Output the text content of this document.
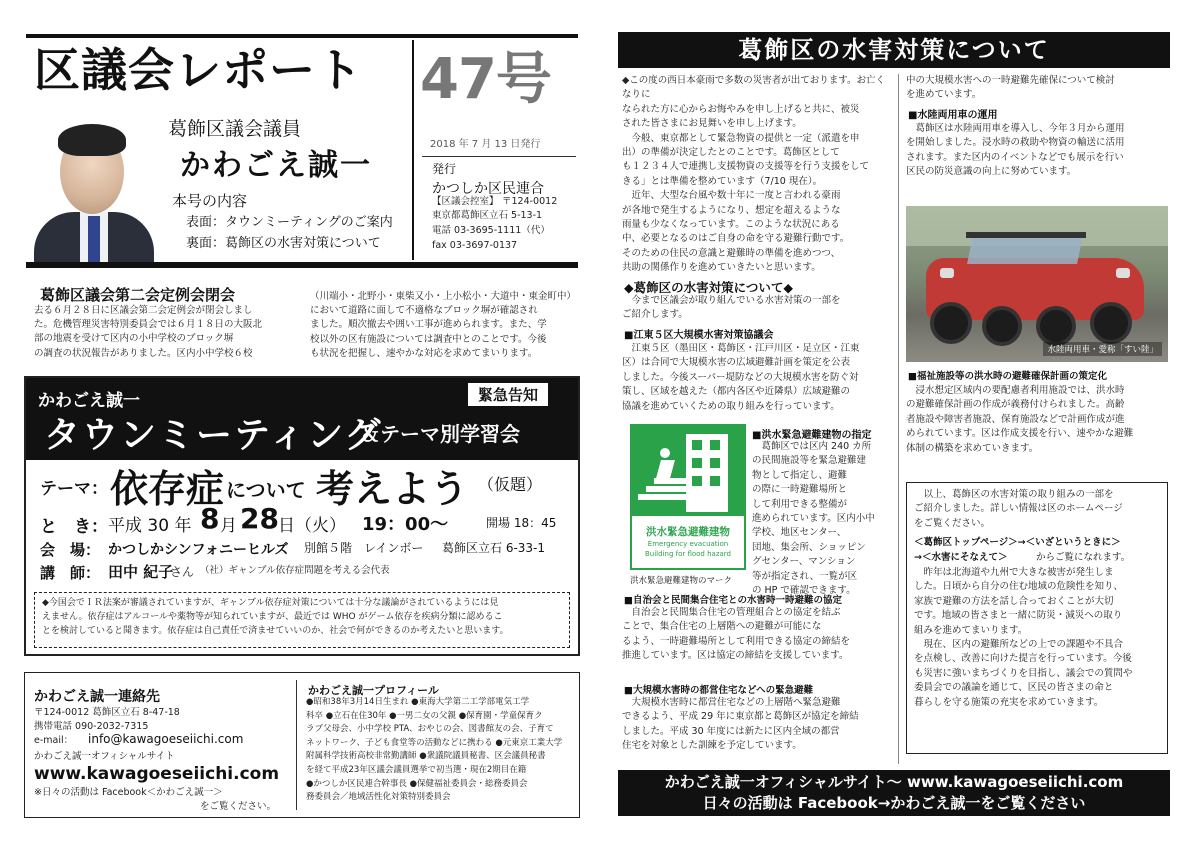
区議会レポート 47号
2018 年 7 月 13 日発行
発行
かつしか区民連合
【区議会控室】 〒124-0012
東京都葛飾区立石 5-13-1
電話 03-3695-1111（代）
fax 03-3697-0137
葛飾区議会議員
かわごえ誠一
本号の内容
表面：タウンミーティングのご案内
裏面：葛飾区の水害対策について
葛飾区議会第二会定例会閉会
去る６月２８日に区議会第二会定例会が閉会しまし
た。危機管理災害特別委員会では６月１８日の大阪北
部の地震を受けて区内の小中学校のブロック塀
の調査の状況報告がありました。区内小中学校６校
（川端小・北野小・東柴又小・上小松小・大道中・東金町中）
において道路に面して不適格なブロック塀が確認され
ました。順次撤去や囲い工事が進められます。また、学
校以外の区有施設については調査中とのことです。今後
も状況を把握し、速やかな対応を求めてまいります。
かわごえ誠一	緊急告知
タウンミーティング
＆テーマ別学習会
テーマ： 依存症 について 考えよう （仮題）
と　き： 平成 30 年 8 月 28 日（火） 19：00〜	開場 18：45
会　場： かつしかシンフォニーヒルズ 別館５階　レインボー 葛飾区立石 6-33-1
講　師： 田中 紀子
さん （社）ギャンブル依存症問題を考える会代表
◆今国会でＩＲ法案が審議されていますが、ギャンブル依存症対策については十分な議論がされているようには見
えません。依存症はアルコールや薬物等が知られていますが、最近では WHO がゲーム依存を疾病分類に認めるこ
とを検討していると聞きます。依存症は自己責任で済ませていいのか、社会で何ができるのか考えたいと思います。
かわごえ誠一連絡先
〒124-0012 葛飾区立石 8-47-18
携帯電話 090-2032-7315
e-mail： info@kawagoeseiichi.com
かわごえ誠一オフィシャルサイト
www.kawagoeseiichi.com
※日々の活動は Facebook＜かわごえ誠一＞
をご覧ください。
かわごえ誠一プロフィール
●昭和38年3月14日生まれ ●東海大学第二工学部電気工学
科卒 ●立石在住30年 ●一男二女の父親 ●保育園・学童保育ク
ラブ父母会、小中学校 PTA、おやじの会、図書館友の会、子育て
ネットワーク、子ども食堂等の活動などに携わる ●元東京工業大学
附属科学技術高校非常勤講師 ●衆議院議員秘書、区会議員秘書
を経て平成23年区議会議員選挙で初当選・現在2期目在籍
●かつしか区民連合幹事長 ●保健福祉委員会・総務委員会
務委員会／地域活性化対策特別委員会
葛飾区の水害対策について
◆この度の西日本豪雨で多数の災害者が出ております。お亡くなりに
なられた方に心からお悔やみを申し上げると共に、被災
された皆さまにお見舞いを申し上げます。
　今般、東京都として緊急物資の提供と一定（派遣を申
出）の準備が決定したとのことです。葛飾区として
も１２３４人で連携し支援物資の支援等を行う支援をして
きる」とは準備を整めています（7/10 現在）。
　近年、大型な台風や数十年に一度と言われる豪雨
が各地で発生するようになり、想定を超えるような
雨量も少なくなっています。このような状況にある
中、必要となるのはご自身の命を守る避難行動です。
そのための住民の意識と避難時の準備を進めつつ、
共助の関係作りを進めていきたいと思います。
◆葛飾区の水害対策について◆
　今まで区議会が取り組んでいる水害対策の一部を
ご紹介します。
■江東５区大規模水害対策協議会
　江東５区（墨田区・葛飾区・江戸川区・足立区・江東
区）は合同で大規模水害の広域避難計画を策定を公表
しました。今後スーパー堤防などの大規模水害を防ぐ対
策し、区域を越えた（都内各区や近隣県）広域避難の
協議を進めていくための取り組みを行っています。
洪水緊急避難建物
Emergency evacuation
Building for flood hazard
洪水緊急避難建物のマーク
■洪水緊急避難建物の指定
　葛飾区では区内 240 カ所
の民間施設等を緊急避難建
物として指定し、避難
の際に一時避難場所と
して利用できる整備が
進められています。区内小中
学校、地区センター、
団地、集会所、ショッピン
グセンター、マンション
等が指定され、一覧が区
の HP で確認できます。
■自治会と民間集合住宅との水害時一時避難の協定
　自治会と民間集合住宅の管理組合との協定を結ぶ
ことで、集合住宅の上層階への避難が可能にな
るよう、一時避難場所として利用できる協定の締結を
推進しています。区は協定の締結を支援しています。
■大規模水害時の都営住宅などへの緊急避難
　大規模水害時に都営住宅などの上層階へ緊急避難
できるよう、平成 29 年に東京都と葛飾区が協定を締結
しました。平成 30 年度には新たに区内全域の都営
住宅を対象とした訓練を予定しています。
中の大規模水害への一時避難先確保について検討
を進めています。
■水陸両用車の運用
　葛飾区は水陸両用車を導入し、今年３月から運用
を開始しました。浸水時の救助や物資の輸送に活用
されます。また区内のイベントなどでも展示を行い
区民の防災意識の向上に努めています。
水陸両用車・愛称「すい陸」
■福祉施設等の洪水時の避難確保計画の策定化
　浸水想定区域内の要配慮者利用施設では、洪水時
の避難確保計画の作成が義務付けられました。高齢
者施設や障害者施設、保育施設などで計画作成が進
められています。区は作成支援を行い、速やかな避難
体制の構築を求めていきます。
　以上、葛飾区の水害対策の取り組みの一部を
ご紹介しました。詳しい情報は区のホームページ
をご覧ください。
＜葛飾区トップページ＞→＜いざというときに＞
→＜水害にそなえて＞	からご覧になれます。
　昨年は北海道や九州で大きな被害が発生しま
した。日頃から自分の住む地域の危険性を知り、
家族で避難の方法を話し合っておくことが大切
です。地域の皆さまと一緒に防災・減災への取り
組みを進めてまいります。
　現在、区内の避難所などの上での課題や不具合
を点検し、改善に向けた提言を行っています。今後
も災害に強いまちづくりを目指し、議会での質問や
委員会での議論を通じて、区民の皆さまの命と
暮らしを守る施策の充実を求めていきます。
かわごえ誠一オフィシャルサイト〜 www.kawagoeseiichi.com
日々の活動は Facebook→かわごえ誠一をご覧ください
